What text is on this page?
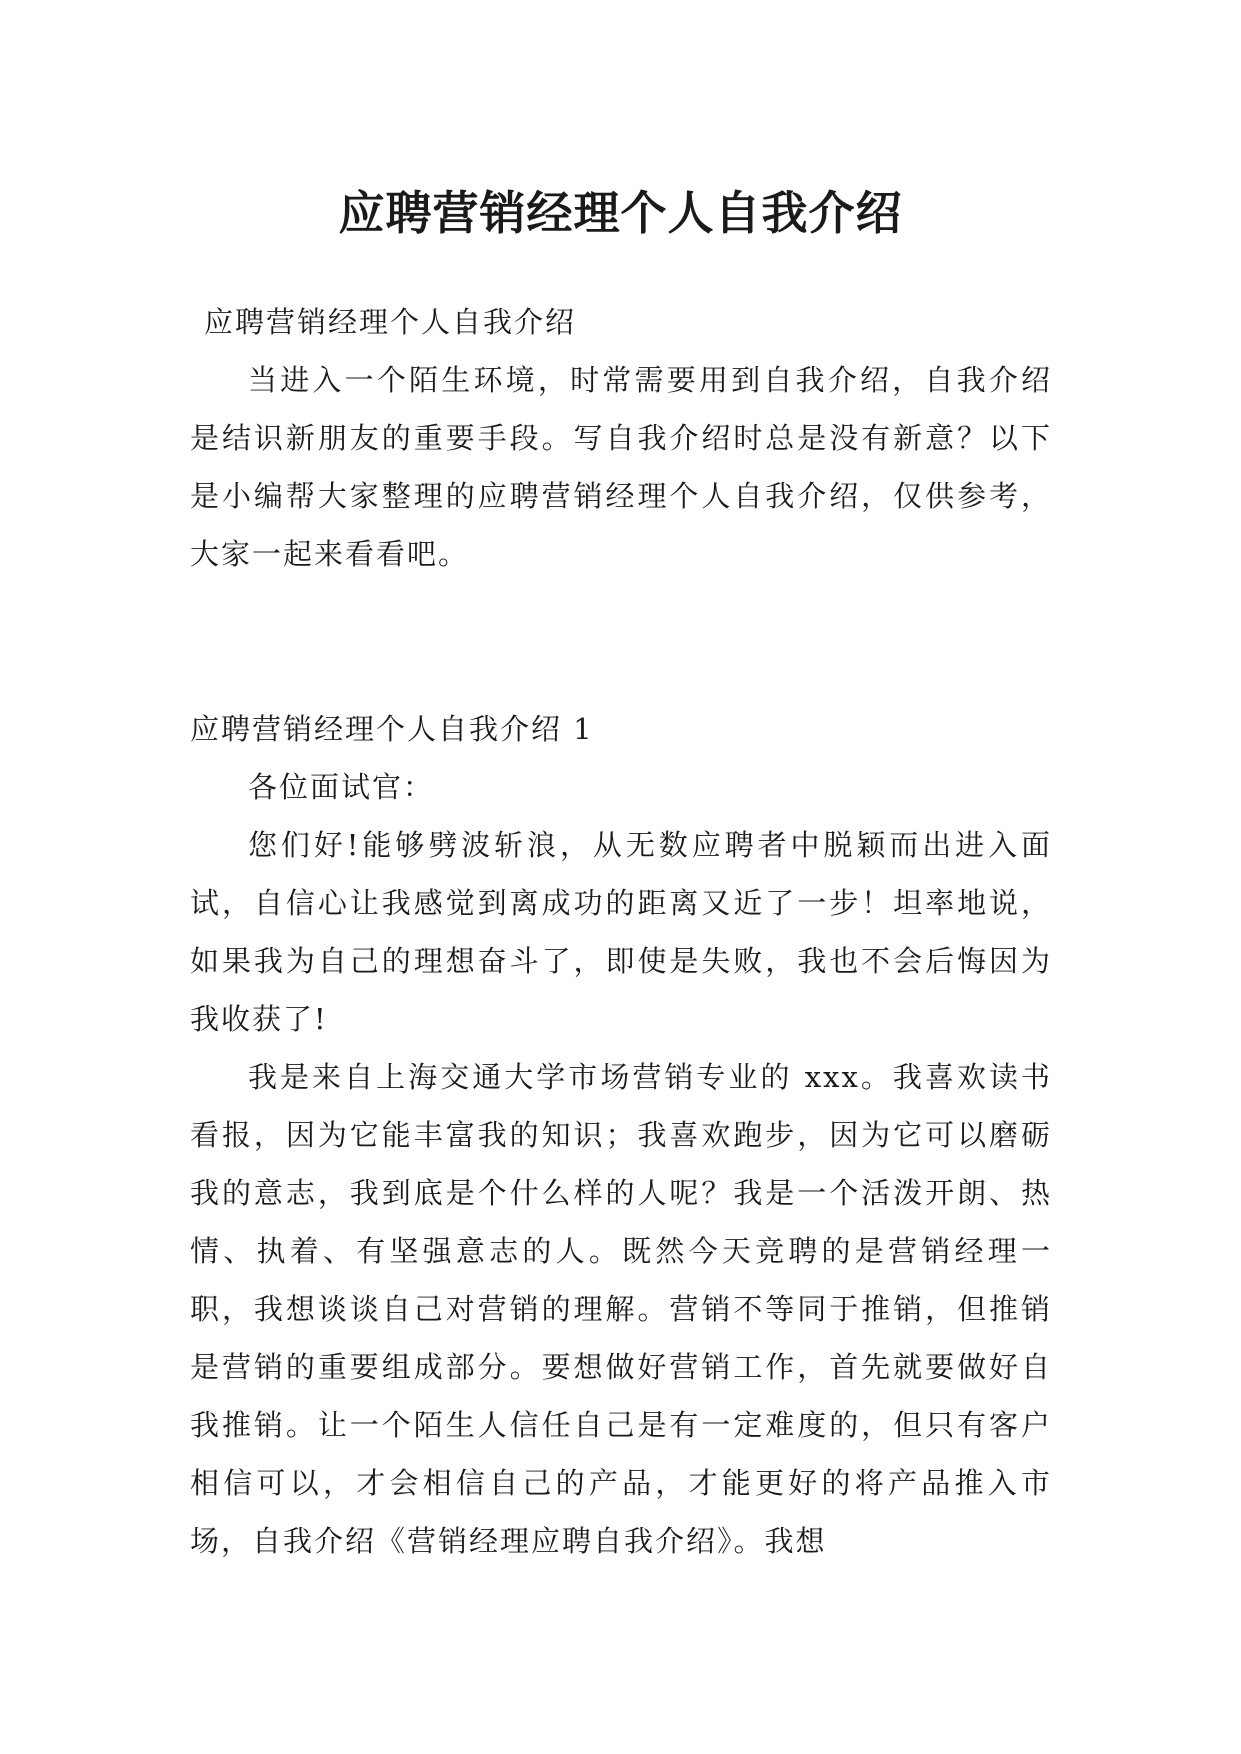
应聘营销经理个人自我介绍

应聘营销经理个人自我介绍

当进入一个陌生环境，时常需要用到自我介绍，自我介绍是结识新朋友的重要手段。写自我介绍时总是没有新意？以下是小编帮大家整理的应聘营销经理个人自我介绍，仅供参考，大家一起来看看吧。

应聘营销经理个人自我介绍 1

各位面试官：

您们好!能够劈波斩浪，从无数应聘者中脱颖而出进入面试，自信心让我感觉到离成功的距离又近了一步！坦率地说，如果我为自己的理想奋斗了，即使是失败，我也不会后悔因为我收获了!

我是来自上海交通大学市场营销专业的 xxx。我喜欢读书看报，因为它能丰富我的知识；我喜欢跑步，因为它可以磨砺我的意志，我到底是个什么样的人呢？我是一个活泼开朗、热情、执着、有坚强意志的人。既然今天竞聘的是营销经理一职，我想谈谈自己对营销的理解。营销不等同于推销，但推销是营销的重要组成部分。要想做好营销工作，首先就要做好自我推销。让一个陌生人信任自己是有一定难度的，但只有客户相信可以，才会相信自己的产品，才能更好的将产品推入市场，自我介绍《营销经理应聘自我介绍》。我想
